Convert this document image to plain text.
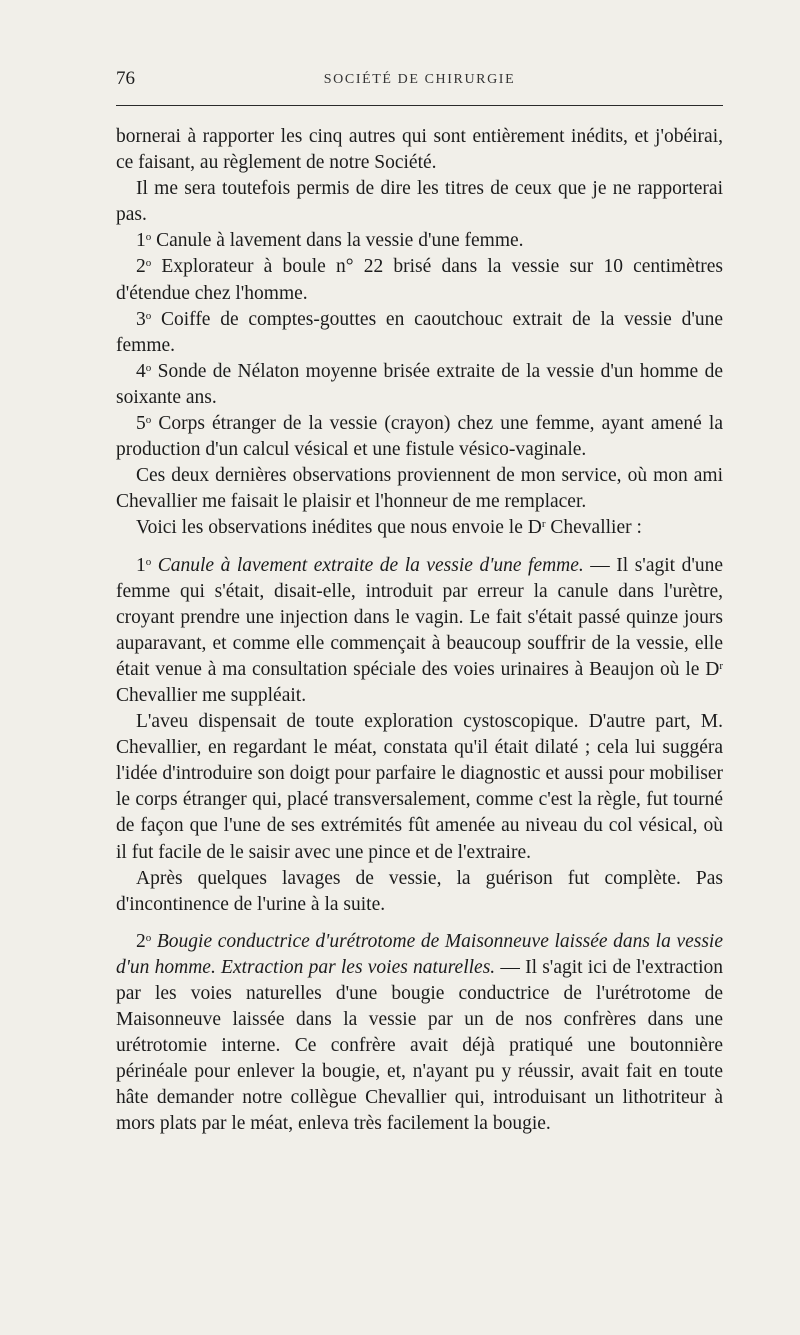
76	SOCIÉTÉ DE CHIRURGIE

bornerai à rapporter les cinq autres qui sont entièrement inédits, et j'obéirai, ce faisant, au règlement de notre Société.

Il me sera toutefois permis de dire les titres de ceux que je ne rapporterai pas.

1$^o$ Canule à lavement dans la vessie d'une femme.

2$^o$ Explorateur à boule n° 22 brisé dans la vessie sur 10 centimètres d'étendue chez l'homme.

3$^o$ Coiffe de comptes-gouttes en caoutchouc extrait de la vessie d'une femme.

4$^o$ Sonde de Nélaton moyenne brisée extraite de la vessie d'un homme de soixante ans.

5$^o$ Corps étranger de la vessie (crayon) chez une femme, ayant amené la production d'un calcul vésical et une fistule vésico-vaginale.

Ces deux dernières observations proviennent de mon service, où mon ami Chevallier me faisait le plaisir et l'honneur de me remplacer.

Voici les observations inédites que nous envoie le $D^r$ Chevallier :

1$^o$ Canule à lavement extraite de la vessie d'une femme. — Il s'agit d'une femme qui s'était, disait-elle, introduit par erreur la canule dans l'urètre, croyant prendre une injection dans le vagin. Le fait s'était passé quinze jours auparavant, et comme elle commençait à beaucoup souffrir de la vessie, elle était venue à ma consultation spéciale des voies urinaires à Beaujon où le $D^r$ Chevallier me suppléait.

L'aveu dispensait de toute exploration cystoscopique. D'autre part, M. Chevallier, en regardant le méat, constata qu'il était dilaté ; cela lui suggéra l'idée d'introduire son doigt pour parfaire le diagnostic et aussi pour mobiliser le corps étranger qui, placé transversalement, comme c'est la règle, fut tourné de façon que l'une de ses extrémités fût amenée au niveau du col vésical, où il fut facile de le saisir avec une pince et de l'extraire.

Après quelques lavages de vessie, la guérison fut complète. Pas d'incontinence de l'urine à la suite.

2$^o$ Bougie conductrice d'urétrotome de Maisonneuve laissée dans la vessie d'un homme. Extraction par les voies naturelles. — Il s'agit ici de l'extraction par les voies naturelles d'une bougie conductrice de l'urétrotome de Maisonneuve laissée dans la vessie par un de nos confrères dans une urétrotomie interne. Ce confrère avait déjà pratiqué une boutonnière périnéale pour enlever la bougie, et, n'ayant pu y réussir, avait fait en toute hâte demander notre collègue Chevallier qui, introduisant un lithotriteur à mors plats par le méat, enleva très facilement la bougie.
